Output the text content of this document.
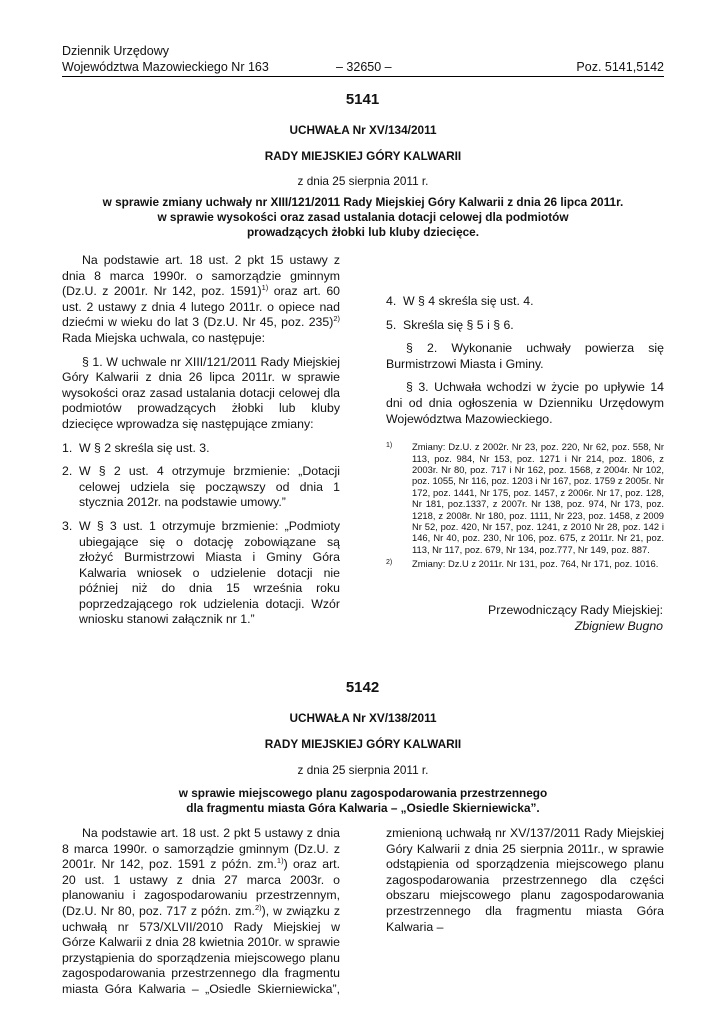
Dziennik Urzędowy
Województwa Mazowieckiego Nr 163	– 32650 –	Poz. 5141,5142
5141
UCHWAŁA Nr XV/134/2011
RADY MIEJSKIEJ GÓRY KALWARII
z dnia 25 sierpnia 2011 r.
w sprawie zmiany uchwały nr XIII/121/2011 Rady Miejskiej Góry Kalwarii z dnia 26 lipca 2011r.
w sprawie wysokości oraz zasad ustalania dotacji celowej dla podmiotów
prowadzących żłobki lub kluby dziecięce.

Na podstawie art. 18 ust. 2 pkt 15 ustawy z dnia 8 marca 1990r. o samorządzie gminnym (Dz.U. z 2001r. Nr 142, poz. 1591)$^{1)}$ oraz art. 60 ust. 2 ustawy z dnia 4 lutego 2011r. o opiece nad dziećmi w wieku do lat 3 (Dz.U. Nr 45, poz. 235)$^{2)}$ Rada Miejska uchwala, co następuje:

§ 1. W uchwale nr XIII/121/2011 Rady Miejskiej Góry Kalwarii z dnia 26 lipca 2011r. w sprawie wysokości oraz zasad ustalania dotacji celowej dla podmiotów prowadzących żłobki lub kluby dziecięce wprowadza się następujące zmiany:

1. W § 2 skreśla się ust. 3.
2. W § 2 ust. 4 otrzymuje brzmienie: „Dotacji celowej udziela się począwszy od dnia 1 stycznia 2012r. na podstawie umowy.”
3. W § 3 ust. 1 otrzymuje brzmienie: „Podmioty ubiegające się o dotację zobowiązane są złożyć Burmistrzowi Miasta i Gminy Góra Kalwaria wniosek o udzielenie dotacji nie później niż do dnia 15 września roku poprzedzającego rok udzielenia dotacji. Wzór wniosku stanowi załącznik nr 1.”
4. W § 4 skreśla się ust. 4.
5. Skreśla się § 5 i § 6.

§ 2. Wykonanie uchwały powierza się Burmistrzowi Miasta i Gminy.

§ 3. Uchwała wchodzi w życie po upływie 14 dni od dnia ogłoszenia w Dzienniku Urzędowym Województwa Mazowieckiego.

1)	Zmiany: Dz.U. z 2002r. Nr 23, poz. 220, Nr 62, poz. 558, Nr 113, poz. 984, Nr 153, poz. 1271 i Nr 214, poz. 1806, z 2003r. Nr 80, poz. 717 i Nr 162, poz. 1568, z 2004r. Nr 102, poz. 1055, Nr 116, poz. 1203 i Nr 167, poz. 1759 z 2005r. Nr 172, poz. 1441, Nr 175, poz. 1457, z 2006r. Nr 17, poz. 128, Nr 181, poz.1337, z 2007r. Nr 138, poz. 974, Nr 173, poz. 1218, z 2008r. Nr 180, poz. 1111, Nr 223, poz. 1458, z 2009 Nr 52, poz. 420, Nr 157, poz. 1241, z 2010 Nr 28, poz. 142 i 146, Nr 40, poz. 230, Nr 106, poz. 675, z 2011r. Nr 21, poz. 113, Nr 117, poz. 679, Nr 134, poz.777, Nr 149, poz. 887.
2)	Zmiany: Dz.U z 2011r. Nr 131, poz. 764, Nr 171, poz. 1016.
Przewodniczący Rady Miejskiej:
Zbigniew Bugno
5142
UCHWAŁA Nr XV/138/2011
RADY MIEJSKIEJ GÓRY KALWARII
z dnia 25 sierpnia 2011 r.
w sprawie miejscowego planu zagospodarowania przestrzennego
dla fragmentu miasta Góra Kalwaria – „Osiedle Skierniewicka”.

Na podstawie art. 18 ust. 2 pkt 5 ustawy z dnia 8 marca 1990r. o samorządzie gminnym (Dz.U. z 2001r. Nr 142, poz. 1591 z późn. zm.$^{1)}$) oraz art. 20 ust. 1 ustawy z dnia 27 marca 2003r. o planowaniu i zagospodarowaniu przestrzennym, (Dz.U. Nr 80, poz. 717 z późn. zm.$^{2)}$), w związku z uchwałą nr 573/XLVII/2010 Rady Miejskiej w Górze Kalwarii z dnia 28 kwietnia 2010r. w sprawie przystąpienia do sporządzenia miejscowego planu zagospodarowania przestrzennego dla fragmentu miasta Góra Kalwaria – „Osiedle Skierniewicka”, zmienioną uchwałą nr XV/137/2011 Rady Miejskiej Góry Kalwarii z dnia 25 sierpnia 2011r., w sprawie odstąpienia od sporządzenia miejscowego planu zagospodarowania przestrzennego dla części obszaru miejscowego planu zagospodarowania przestrzennego dla fragmentu miasta Góra Kalwaria –
